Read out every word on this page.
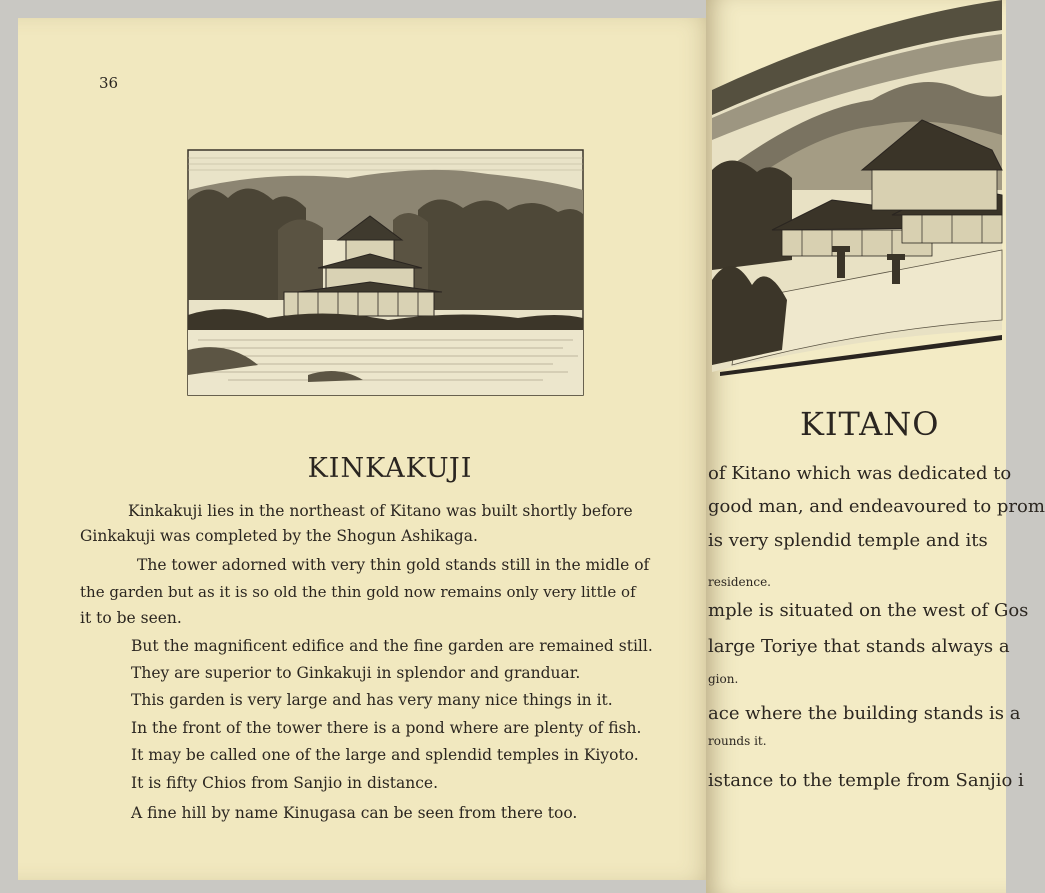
36
KINKAKUJI
Kinkakuji lies in the northeast of Kitano was built shortly before
Ginkakuji was completed by the Shogun Ashikaga.
The tower adorned with very thin gold stands still in the midle of
the garden but as it is so old the thin gold now remains only very little of
it to be seen.
But the magnificent edifice and the fine garden are remained still.
They are superior to Ginkakuji in splendor and granduar.
This garden is very large and has very many nice things in it.
In the front of the tower there is a pond where are plenty of fish.
It may be called one of the large and splendid temples in Kiyoto.
It is fifty Chios from Sanjio in distance.
A fine hill by name Kinugasa can be seen from there too.
KITANO
of Kitano which was dedicated to
good man, and endeavoured to prom
is very splendid temple and its
residence.
mple is situated on the west of Gos
large Toriye that stands always a
gion.
ace where the building stands is a
rounds it.
istance to the temple from Sanjio i
